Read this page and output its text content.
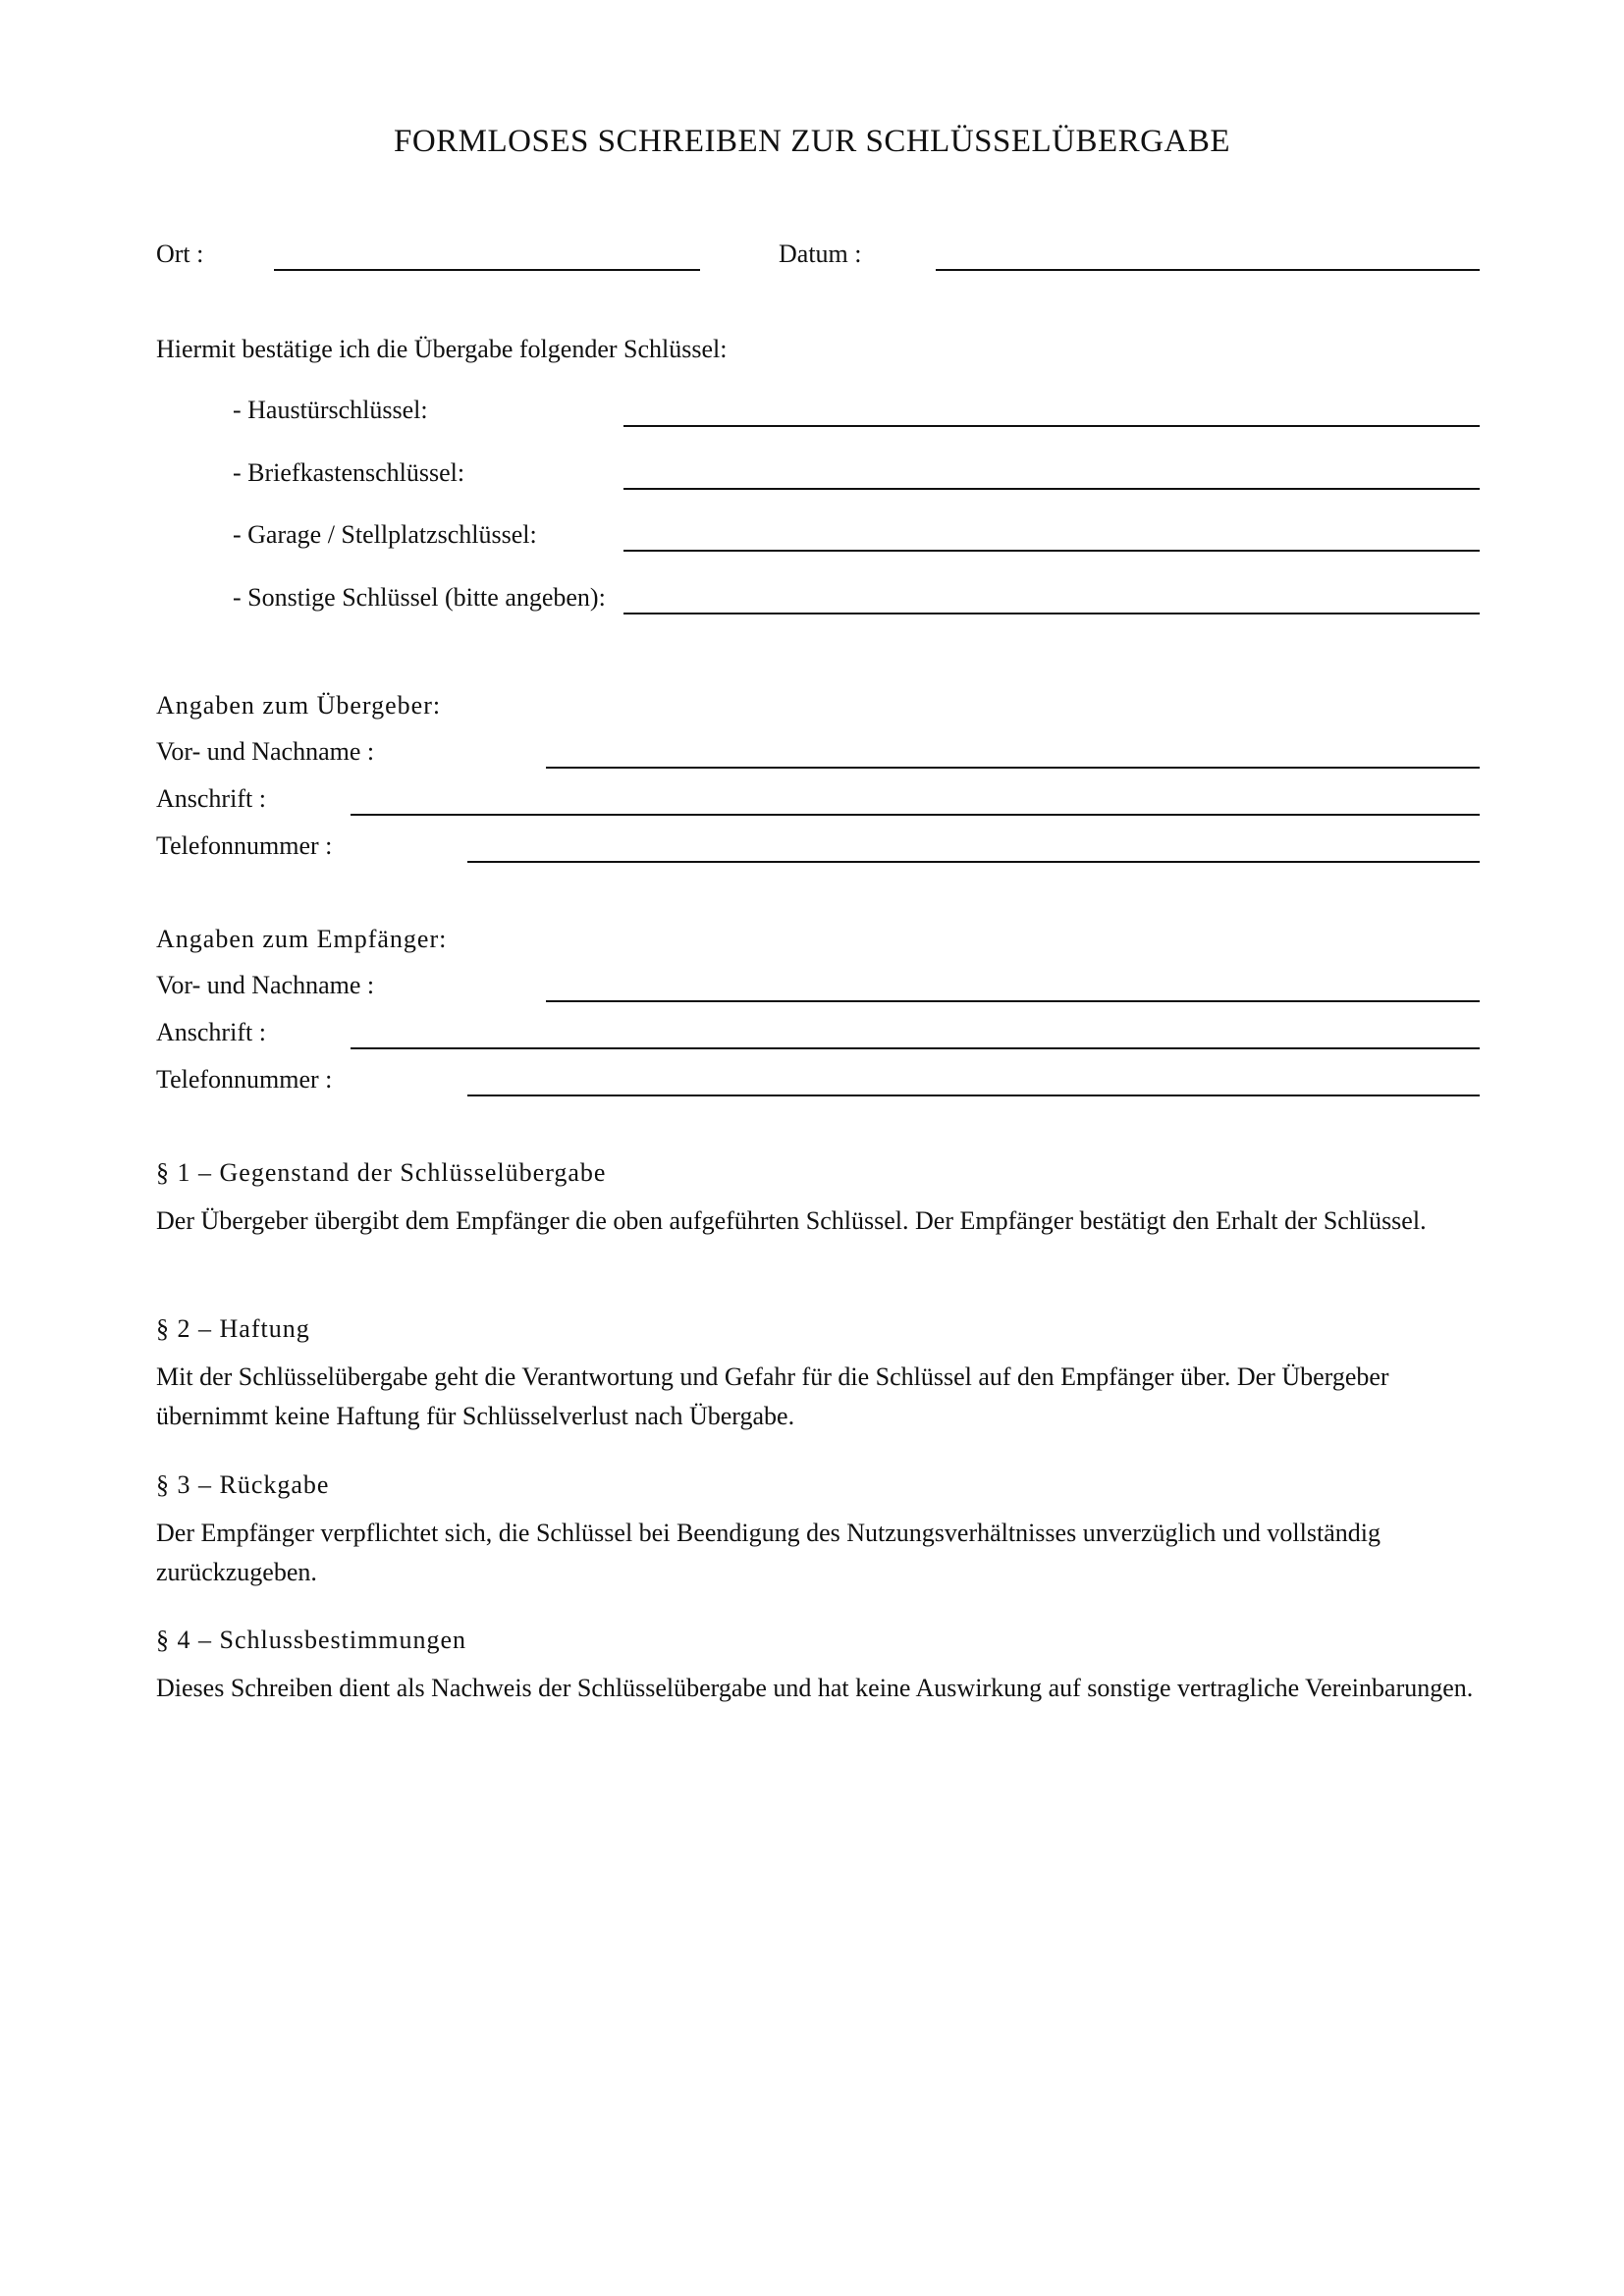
FORMLOSES SCHREIBEN ZUR SCHLÜSSELÜBERGABE
Ort :	Datum :
Hiermit bestätige ich die Übergabe folgender Schlüssel:
- Haustürschlüssel:
- Briefkastenschlüssel:
- Garage / Stellplatzschlüssel:
- Sonstige Schlüssel (bitte angeben):
Angaben zum Übergeber:
Vor- und Nachname :
Anschrift :
Telefonnummer :
Angaben zum Empfänger:
Vor- und Nachname :
Anschrift :
Telefonnummer :
§ 1 – Gegenstand der Schlüsselübergabe
Der Übergeber übergibt dem Empfänger die oben aufgeführten Schlüssel. Der Empfänger bestätigt den Erhalt der Schlüssel.
§ 2 – Haftung
Mit der Schlüsselübergabe geht die Verantwortung und Gefahr für die Schlüssel auf den Empfänger über. Der Übergeber übernimmt keine Haftung für Schlüsselverlust nach Übergabe.
§ 3 – Rückgabe
Der Empfänger verpflichtet sich, die Schlüssel bei Beendigung des Nutzungsverhältnisses unverzüglich und vollständig zurückzugeben.
§ 4 – Schlussbestimmungen
Dieses Schreiben dient als Nachweis der Schlüsselübergabe und hat keine Auswirkung auf sonstige vertragliche Vereinbarungen.
